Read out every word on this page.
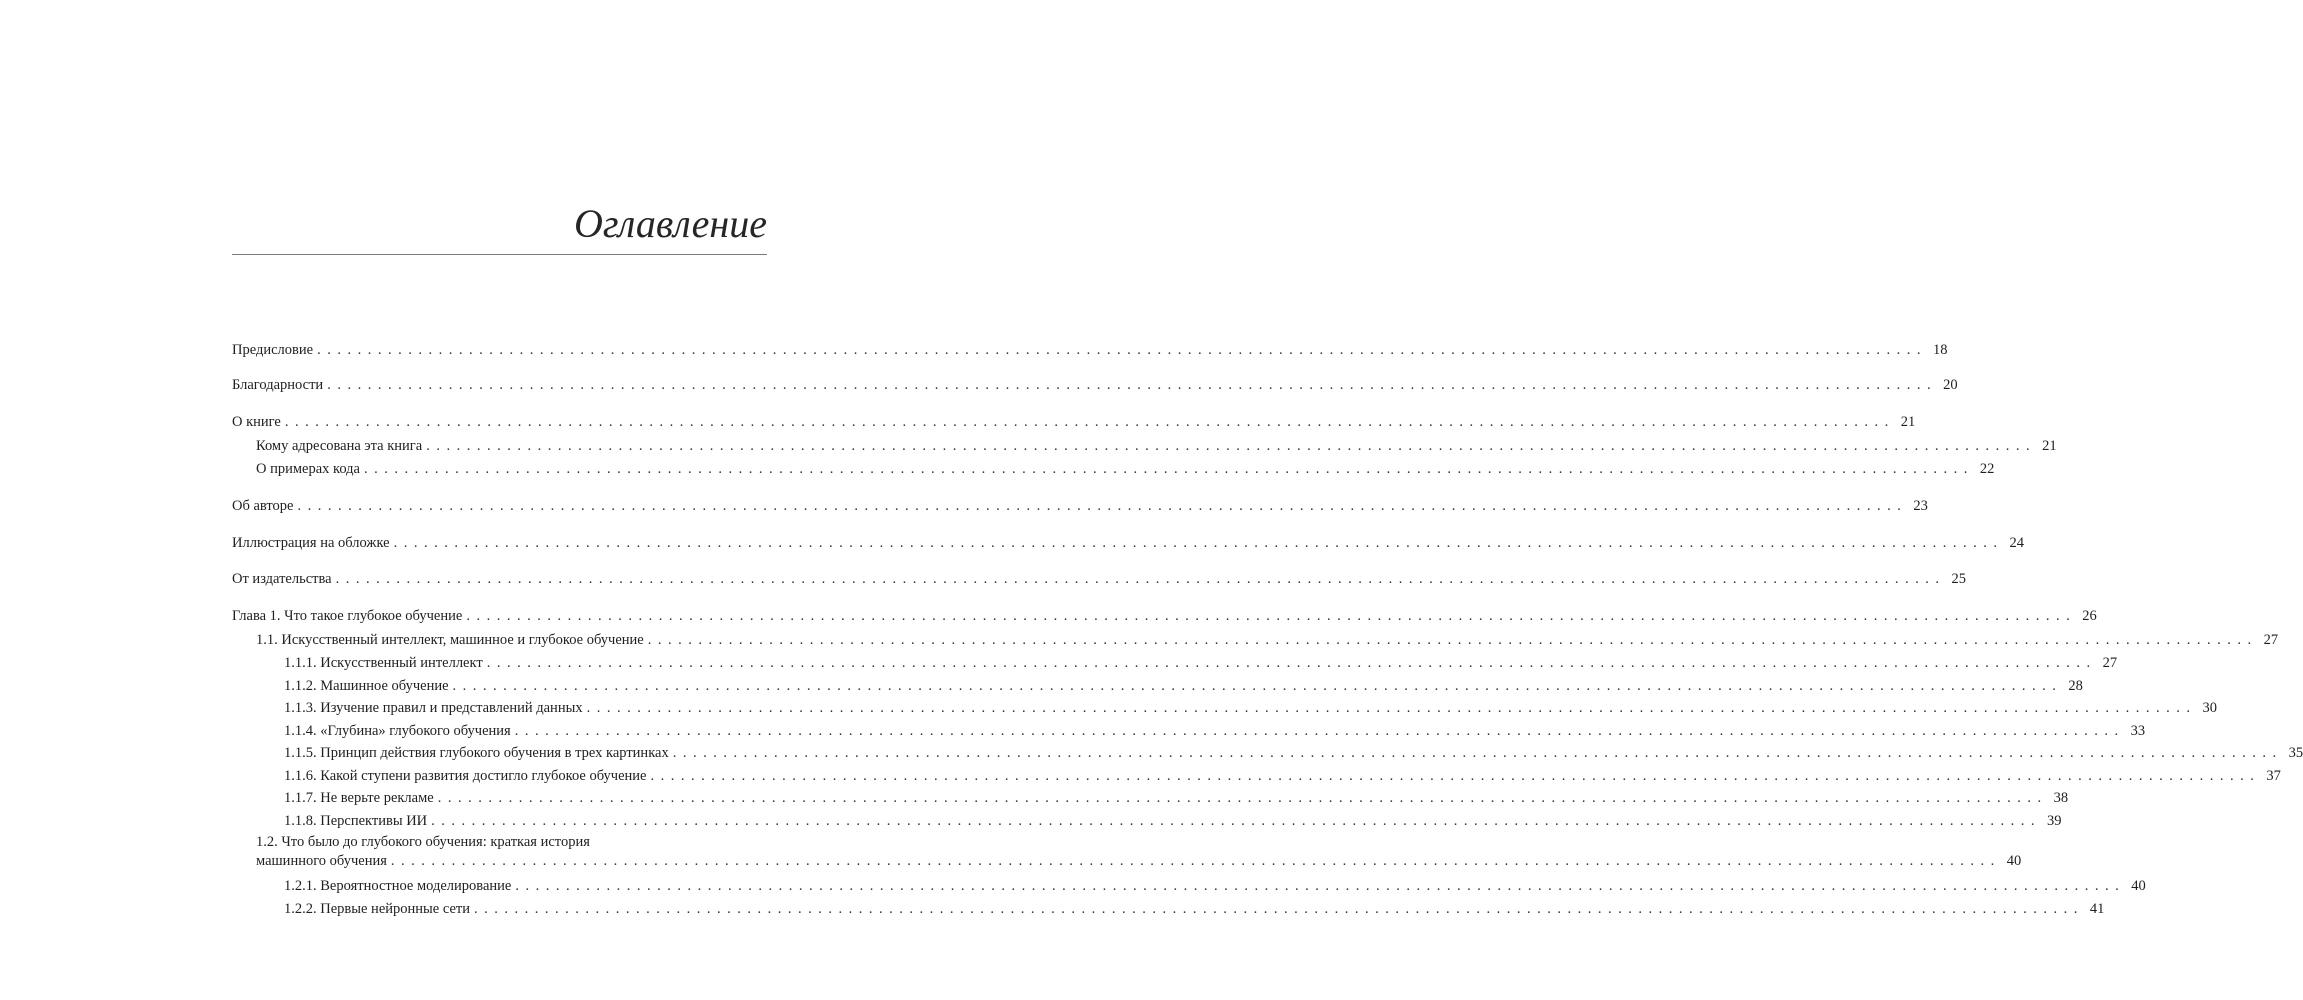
Оглавление
Предисловие ............................................................................................................................................................... 18
Благодарности ............................................................................................................................................................... 20
О книге ............................................................................................................................................................... 21
Кому адресована эта книга ............................................................................................................................................................... 21
О примерах кода ............................................................................................................................................................... 22
Об авторе ............................................................................................................................................................... 23
Иллюстрация на обложке ............................................................................................................................................................... 24
От издательства ............................................................................................................................................................... 25
Глава 1. Что такое глубокое обучение ............................................................................................................................................................... 26
1.1. Искусственный интеллект, машинное и глубокое обучение ............................................................................................................................................................... 27
1.1.1. Искусственный интеллект ............................................................................................................................................................... 27
1.1.2. Машинное обучение ............................................................................................................................................................... 28
1.1.3. Изучение правил и представлений данных ............................................................................................................................................................... 30
1.1.4. «Глубина» глубокого обучения ............................................................................................................................................................... 33
1.1.5. Принцип действия глубокого обучения в трех картинках ............................................................................................................................................................... 35
1.1.6. Какой ступени развития достигло глубокое обучение ............................................................................................................................................................... 37
1.1.7. Не верьте рекламе ............................................................................................................................................................... 38
1.1.8. Перспективы ИИ ............................................................................................................................................................... 39
1.2. Что было до глубокого обучения: краткая история
машинного обучения ............................................................................................................................................................... 40
1.2.1. Вероятностное моделирование ............................................................................................................................................................... 40
1.2.2. Первые нейронные сети ............................................................................................................................................................... 41
